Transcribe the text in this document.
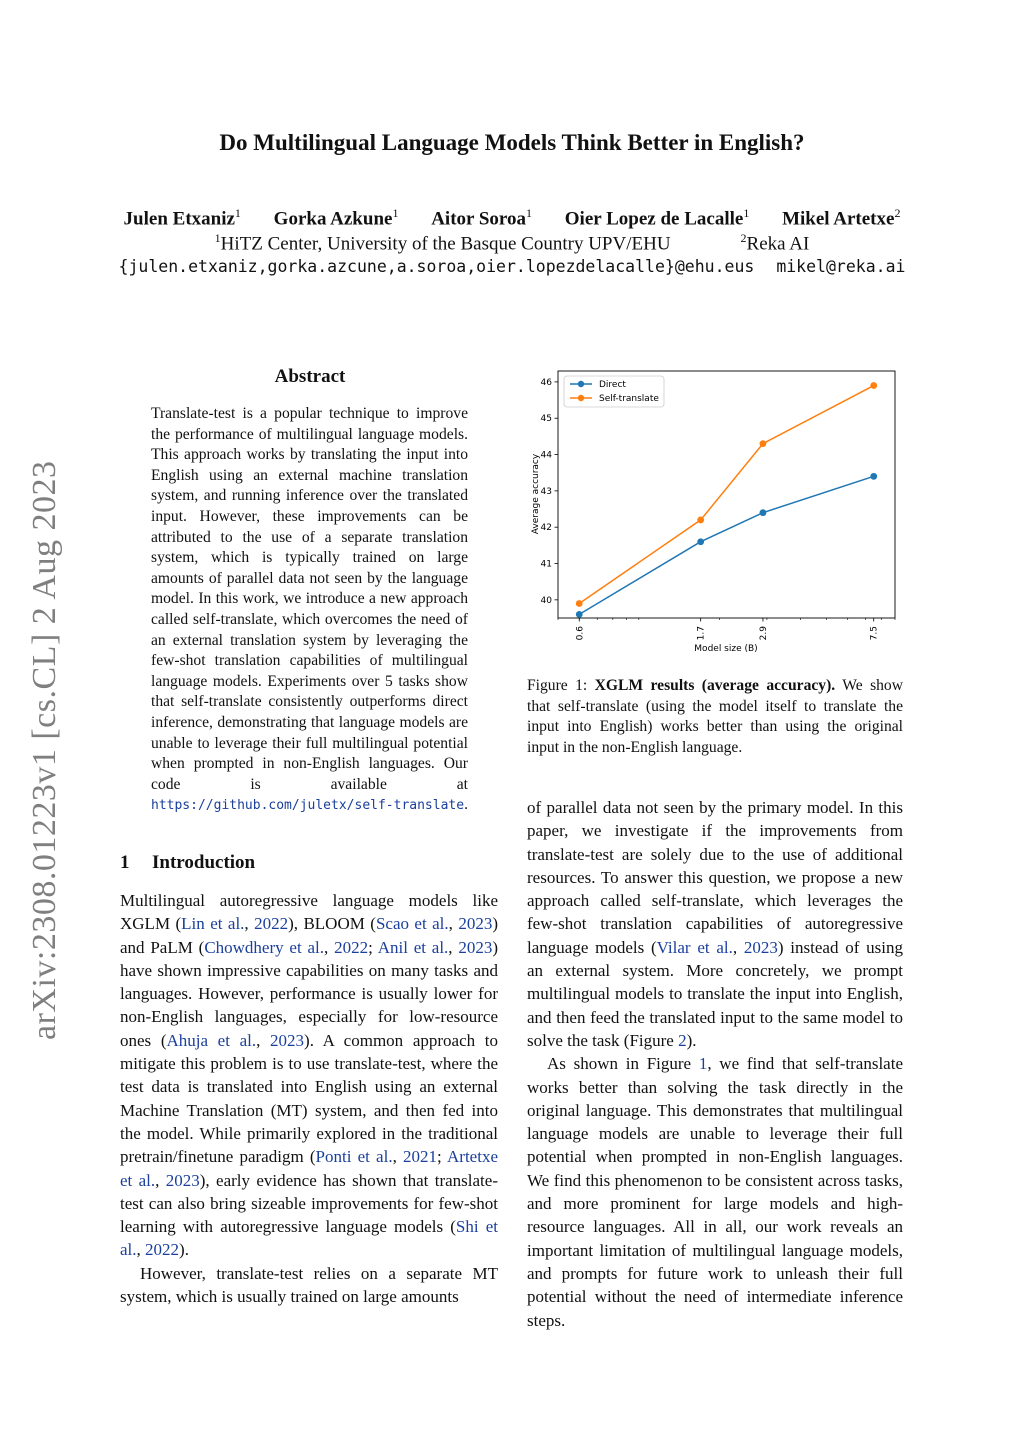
Do Multilingual Language Models Think Better in English?
Julen Etxaniz$^1$ Gorka Azkune$^1$ Aitor Soroa$^1$ Oier Lopez de Lacalle$^1$ Mikel Artetxe$^2$
$^1$HiTZ Center, University of the Basque Country UPV/EHU	$^2$Reka AI
{julen.etxaniz,gorka.azcune,a.soroa,oier.lopezdelacalle}@ehu.eus mikel@reka.ai
arXiv:2308.01223v1 [cs.CL] 2 Aug 2023
Abstract
Translate-test is a popular technique to improve the performance of multilingual language models. This approach works by translating the input into English using an external machine translation system, and running inference over the translated input. However, these improvements can be attributed to the use of a separate translation system, which is typically trained on large amounts of parallel data not seen by the language model. In this work, we introduce a new approach called self-translate, which overcomes the need of an external translation system by leveraging the few-shot translation capabilities of multilingual language models. Experiments over 5 tasks show that self-translate consistently outperforms direct inference, demonstrating that language models are unable to leverage their full multilingual potential when prompted in non-English languages. Our code is available at https://github.com/juletx/self-translate.
1 Introduction

Multilingual autoregressive language models like XGLM (Lin et al., 2022), BLOOM (Scao et al., 2023) and PaLM (Chowdhery et al., 2022; Anil et al., 2023) have shown impressive capabilities on many tasks and languages. However, performance is usually lower for non-English languages, especially for low-resource ones (Ahuja et al., 2023). A common approach to mitigate this problem is to use translate-test, where the test data is translated into English using an external Machine Translation (MT) system, and then fed into the model. While primarily explored in the traditional pretrain/finetune paradigm (Ponti et al., 2021; Artetxe et al., 2023), early evidence has shown that translate-test can also bring sizeable improvements for few-shot learning with autoregressive language models (Shi et al., 2022).

However, translate-test relies on a separate MT system, which is usually trained on large amounts

40
41
42
43
44
45
46
0.6	1.7	2.9	7.5
Average accuracy
Model size (B)
Direct
Self-translate
Figure 1: XGLM results (average accuracy). We show that self-translate (using the model itself to translate the input into English) works better than using the original input in the non-English language.

of parallel data not seen by the primary model. In this paper, we investigate if the improvements from translate-test are solely due to the use of additional resources. To answer this question, we propose a new approach called self-translate, which leverages the few-shot translation capabilities of autoregressive language models (Vilar et al., 2023) instead of using an external system. More concretely, we prompt multilingual models to translate the input into English, and then feed the translated input to the same model to solve the task (Figure 2).

As shown in Figure 1, we find that self-translate works better than solving the task directly in the original language. This demonstrates that multilingual language models are unable to leverage their full potential when prompted in non-English languages. We find this phenomenon to be consistent across tasks, and more prominent for large models and high-resource languages. All in all, our work reveals an important limitation of multilingual language models, and prompts for future work to unleash their full potential without the need of intermediate inference steps.
